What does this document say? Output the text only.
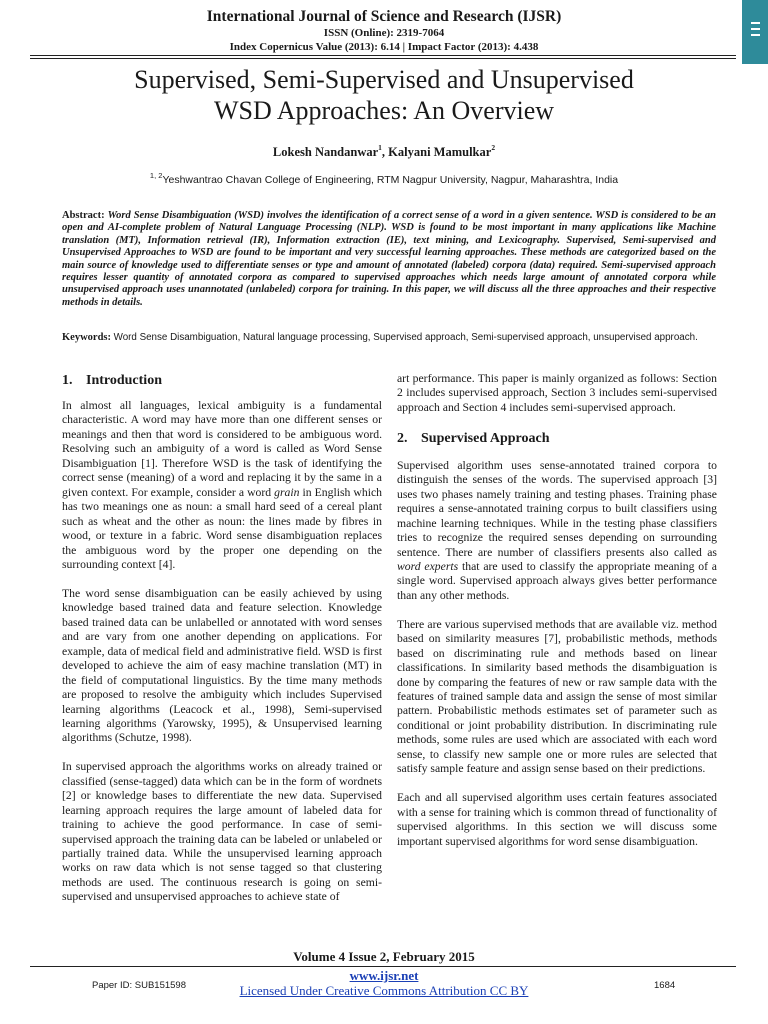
International Journal of Science and Research (IJSR)
ISSN (Online): 2319-7064
Index Copernicus Value (2013): 6.14 | Impact Factor (2013): 4.438
Supervised, Semi-Supervised and Unsupervised
WSD Approaches: An Overview
Lokesh Nandanwar$^1$, Kalyani Mamulkar$^2$
$^{1, 2}$Yeshwantrao Chavan College of Engineering, RTM Nagpur University, Nagpur, Maharashtra, India
Abstract: Word Sense Disambiguation (WSD) involves the identification of a correct sense of a word in a given sentence. WSD is considered to be an open and AI-complete problem of Natural Language Processing (NLP). WSD is found to be most important in many applications like Machine translation (MT), Information retrieval (IR), Information extraction (IE), text mining, and Lexicography. Supervised, Semi-supervised and Unsupervised Approaches to WSD are found to be important and very successful learning approaches. These methods are categorized based on the main source of knowledge used to differentiate senses or type and amount of annotated (labeled) corpora (data) required. Semi-supervised approach requires lesser quantity of annotated corpora as compared to supervised approaches which needs large amount of annotated corpora while unsupervised approach uses unannotated (unlabeled) corpora for training. In this paper, we will discuss all the three approaches and their respective methods in details.
Keywords: Word Sense Disambiguation, Natural language processing, Supervised approach, Semi-supervised approach, unsupervised approach.
1. Introduction

In almost all languages, lexical ambiguity is a fundamental characteristic. A word may have more than one different senses or meanings and then that word is considered to be ambiguous word. Resolving such an ambiguity of a word is called as Word Sense Disambiguation [1]. Therefore WSD is the task of identifying the correct sense (meaning) of a word and replacing it by the same in a given context. For example, consider a word grain in English which has two meanings one as noun: a small hard seed of a cereal plant such as wheat and the other as noun: the lines made by fibres in wood, or texture in a fabric. Word sense disambiguation replaces the ambiguous word by the proper one depending on the surrounding context [4].

The word sense disambiguation can be easily achieved by using knowledge based trained data and feature selection. Knowledge based trained data can be unlabelled or annotated with word senses and are vary from one another depending on applications. For example, data of medical field and administrative field. WSD is first developed to achieve the aim of easy machine translation (MT) in the field of computational linguistics. By the time many methods are proposed to resolve the ambiguity which includes Supervised learning algorithms (Leacock et al., 1998), Semi-supervised learning algorithms (Yarowsky, 1995), & Unsupervised learning algorithms (Schutze, 1998).

In supervised approach the algorithms works on already trained or classified (sense-tagged) data which can be in the form of wordnets [2] or knowledge bases to differentiate the new data. Supervised learning approach requires the large amount of labeled data for training to achieve the good performance. In case of semi-supervised approach the training data can be labeled or unlabeled or partially trained data. While the unsupervised learning approach works on raw data which is not sense tagged so that clustering methods are used. The continuous research is going on semi-supervised and unsupervised approaches to achieve state of

art performance. This paper is mainly organized as follows: Section 2 includes supervised approach, Section 3 includes semi-supervised approach and Section 4 includes semi-supervised approach.

2. Supervised Approach

Supervised algorithm uses sense-annotated trained corpora to distinguish the senses of the words. The supervised approach [3] uses two phases namely training and testing phases. Training phase requires a sense-annotated training corpus to built classifiers using machine learning techniques. While in the testing phase classifiers tries to recognize the required senses depending on surrounding sentence. There are number of classifiers presents also called as word experts that are used to classify the appropriate meaning of a single word. Supervised approach always gives better performance than any other methods.

There are various supervised methods that are available viz. method based on similarity measures [7], probabilistic methods, methods based on discriminating rule and methods based on linear classifications. In similarity based methods the disambiguation is done by comparing the features of new or raw sample data with the features of trained sample data and assign the sense of most similar pattern. Probabilistic methods estimates set of parameter such as conditional or joint probability distribution. In discriminating rule methods, some rules are used which are associated with each word sense, to classify new sample one or more rules are selected that satisfy sample feature and assign sense based on their predictions.

Each and all supervised algorithm uses certain features associated with a sense for training which is common thread of functionality of supervised algorithms. In this section we will discuss some important supervised algorithms for word sense disambiguation.

Volume 4 Issue 2, February 2015
www.ijsr.net
Licensed Under Creative Commons Attribution CC BY
Paper ID: SUB151598	1684
